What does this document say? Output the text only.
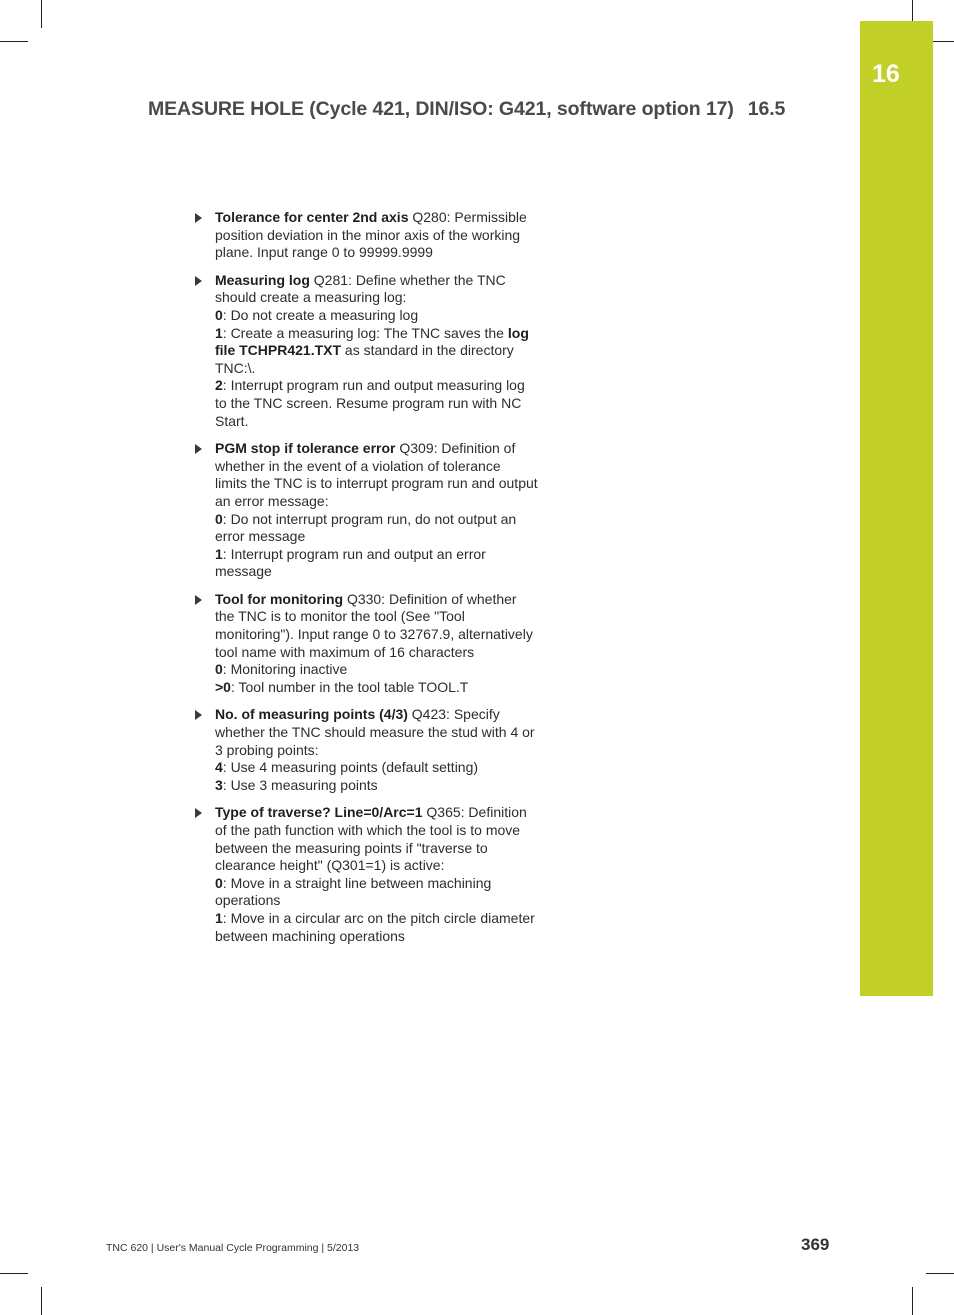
16
MEASURE HOLE (Cycle 421, DIN/ISO: G421, software option 17) 16.5
Tolerance for center 2nd axis Q280: Permissible
position deviation in the minor axis of the working
plane. Input range 0 to 99999.9999
Measuring log Q281: Define whether the TNC
should create a measuring log:
0: Do not create a measuring log
1: Create a measuring log: The TNC saves the log
file TCHPR421.TXT as standard in the directory
TNC:\.
2: Interrupt program run and output measuring log
to the TNC screen. Resume program run with NC
Start.
PGM stop if tolerance error Q309: Definition of
whether in the event of a violation of tolerance
limits the TNC is to interrupt program run and output
an error message:
0: Do not interrupt program run, do not output an
error message
1: Interrupt program run and output an error
message
Tool for monitoring Q330: Definition of whether
the TNC is to monitor the tool (See "Tool
monitoring"). Input range 0 to 32767.9, alternatively
tool name with maximum of 16 characters
0: Monitoring inactive
>0: Tool number in the tool table TOOL.T
No. of measuring points (4/3) Q423: Specify
whether the TNC should measure the stud with 4 or
3 probing points:
4: Use 4 measuring points (default setting)
3: Use 3 measuring points
Type of traverse? Line=0/Arc=1 Q365: Definition
of the path function with which the tool is to move
between the measuring points if "traverse to
clearance height" (Q301=1) is active:
0: Move in a straight line between machining
operations
1: Move in a circular arc on the pitch circle diameter
between machining operations
TNC 620 | User's Manual Cycle Programming | 5/2013	369
